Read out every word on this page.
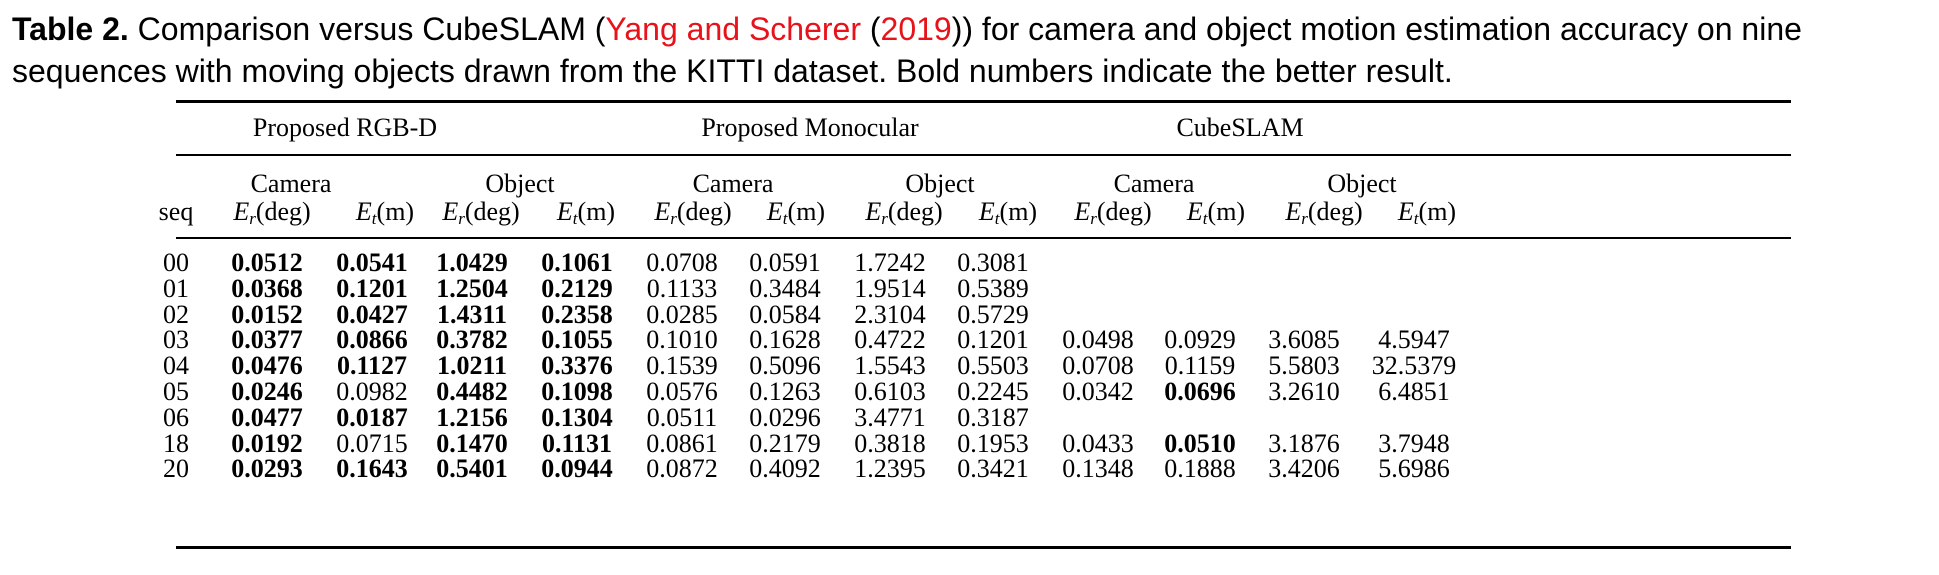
Table 2. Comparison versus CubeSLAM (Yang and Scherer (2019)) for camera and object motion estimation accuracy on nine sequences with moving objects drawn from the KITTI dataset. Bold numbers indicate the better result.
Proposed RGB-D	Proposed Monocular	CubeSLAM
Camera	Object	Camera	Object	Camera	Object
seq $E_r(deg)$ $E_t(m)$ $E_r(deg)$ $E_t(m)$ $E_r(deg)$ $E_t(m)$ $E_r(deg)$ $E_t(m)$ $E_r(deg)$ $E_t(m)$ $E_r(deg)$ $E_t(m)$
00 0.0512 0.0541 1.0429 0.1061 0.0708 0.0591 1.7242 0.3081
01 0.0368 0.1201 1.2504 0.2129 0.1133 0.3484 1.9514 0.5389
02 0.0152 0.0427 1.4311 0.2358 0.0285 0.0584 2.3104 0.5729
03 0.0377 0.0866 0.3782 0.1055 0.1010 0.1628 0.4722 0.1201 0.0498 0.0929 3.6085 4.5947
04 0.0476 0.1127 1.0211 0.3376 0.1539 0.5096 1.5543 0.5503 0.0708 0.1159 5.5803 32.5379
05 0.0246 0.0982 0.4482 0.1098 0.0576 0.1263 0.6103 0.2245 0.0342 0.0696 3.2610 6.4851
06 0.0477 0.0187 1.2156 0.1304 0.0511 0.0296 3.4771 0.3187
18 0.0192 0.0715 0.1470 0.1131 0.0861 0.2179 0.3818 0.1953 0.0433 0.0510 3.1876 3.7948
20 0.0293 0.1643 0.5401 0.0944 0.0872 0.4092 1.2395 0.3421 0.1348 0.1888 3.4206 5.6986
